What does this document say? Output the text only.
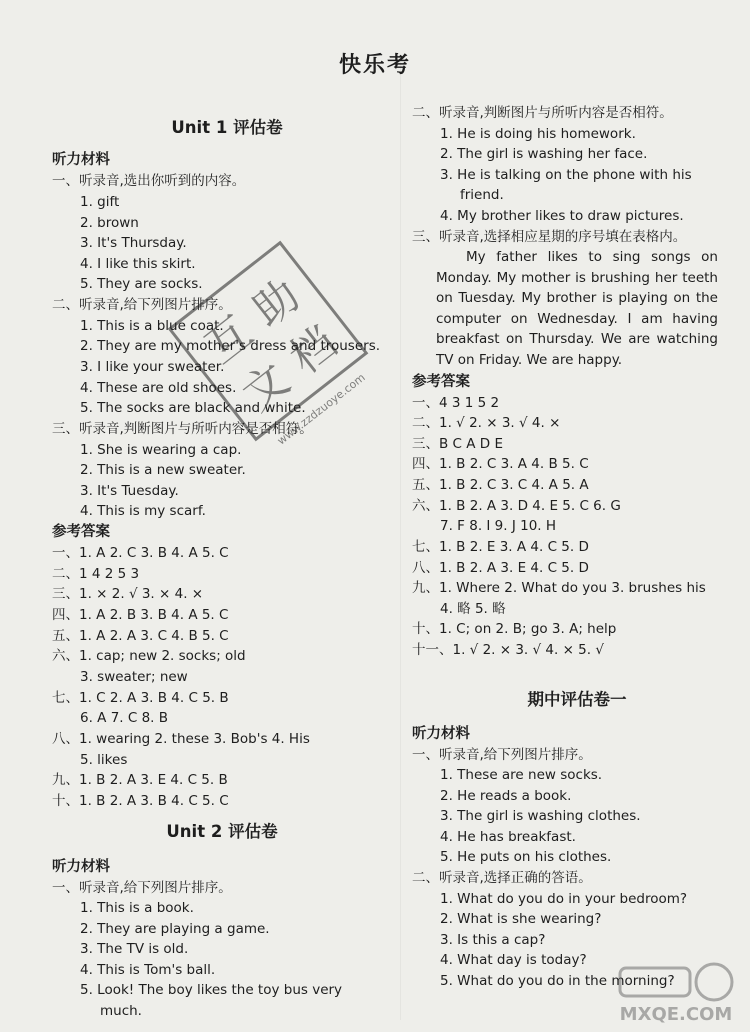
快乐考
Unit 1 评估卷
听力材料
一、听录音,选出你听到的内容。
1. gift
2. brown
3. It's Thursday.
4. I like this skirt.
5. They are socks.
二、听录音,给下列图片排序。
1. This is a blue coat.
2. They are my mother's dress and trousers.
3. I like your sweater.
4. These are old shoes.
5. The socks are black and white.
三、听录音,判断图片与所听内容是否相符。
1. She is wearing a cap.
2. This is a new sweater.
3. It's Tuesday.
4. This is my scarf.
参考答案
一、1. A 2. C 3. B 4. A 5. C
二、1 4 2 5 3
三、1. × 2. √ 3. × 4. ×
四、1. A 2. B 3. B 4. A 5. C
五、1. A 2. A 3. C 4. B 5. C
六、1. cap; new 2. socks; old
3. sweater; new
七、1. C 2. A 3. B 4. C 5. B
6. A 7. C 8. B
八、1. wearing 2. these 3. Bob's 4. His
5. likes
九、1. B 2. A 3. E 4. C 5. B
十、1. B 2. A 3. B 4. C 5. C
Unit 2 评估卷
听力材料
一、听录音,给下列图片排序。
1. This is a book.
2. They are playing a game.
3. The TV is old.
4. This is Tom's ball.
5. Look! The boy likes the toy bus very
much.
二、听录音,判断图片与所听内容是否相符。
1. He is doing his homework.
2. The girl is washing her face.
3. He is talking on the phone with his
friend.
4. My brother likes to draw pictures.
三、听录音,选择相应星期的序号填在表格内。
My father likes to sing songs on Monday. My mother is brushing her teeth on Tuesday. My brother is playing on the computer on Wednesday. I am having breakfast on Thursday. We are watching TV on Friday. We are happy.
参考答案
一、4 3 1 5 2
二、1. √ 2. × 3. √ 4. ×
三、B C A D E
四、1. B 2. C 3. A 4. B 5. C
五、1. B 2. C 3. C 4. A 5. A
六、1. B 2. A 3. D 4. E 5. C 6. G
7. F 8. I 9. J 10. H
七、1. B 2. E 3. A 4. C 5. D
八、1. B 2. A 3. E 4. C 5. D
九、1. Where 2. What do you 3. brushes his
4. 略 5. 略
十、1. C; on 2. B; go 3. A; help
十一、1. √ 2. × 3. √ 4. × 5. √
期中评估卷一
听力材料
一、听录音,给下列图片排序。
1. These are new socks.
2. He reads a book.
3. The girl is washing clothes.
4. He has breakfast.
5. He puts on his clothes.
二、听录音,选择正确的答语。
1. What do you do in your bedroom?
2. What is she wearing?
3. Is this a cap?
4. What day is today?
5. What do you do in the morning?
互
助
文
档
www.zzdzuoye.com
MXQE.COM
